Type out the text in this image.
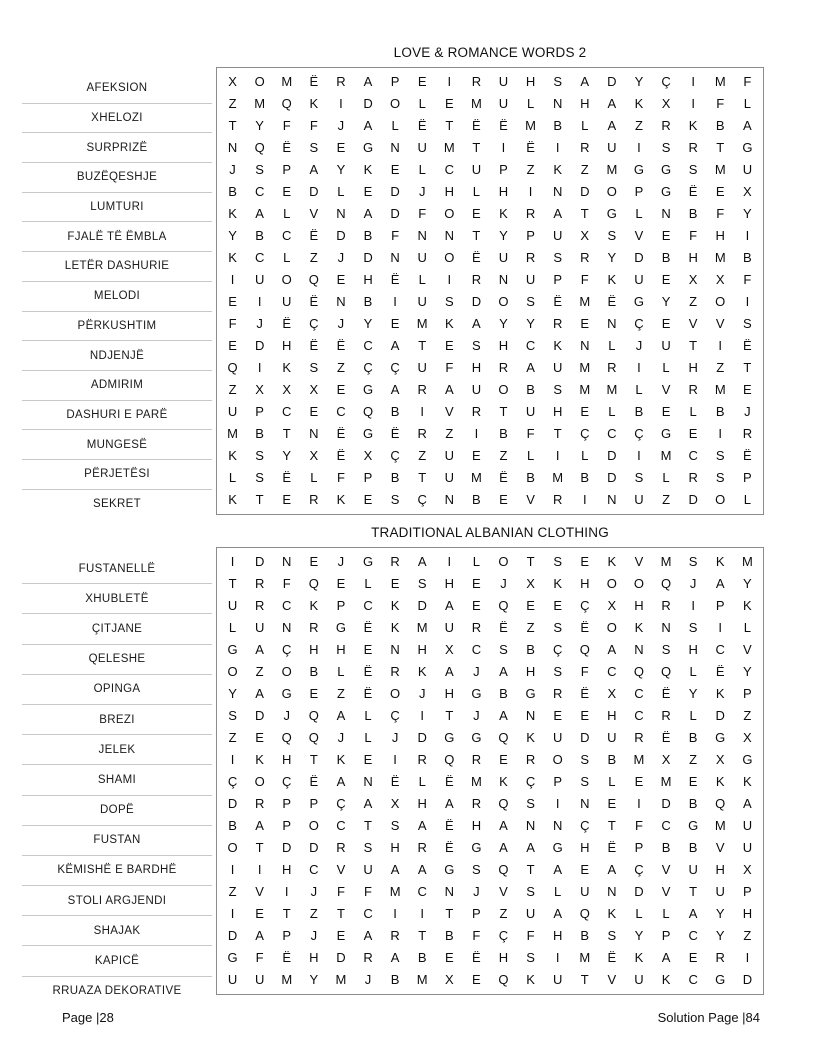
AFEKSION
XHELOZI
SURPRIZË
BUZËQESHJE
LUMTURI
FJALË TË ËMBLA
LETËR DASHURIE
MELODI
PËRKUSHTIM
NDJENJË
ADMIRIM
DASHURI E PARË
MUNGESË
PËRJETËSI
SEKRET
LOVE & ROMANCE WORDS 2
X	O	M	Ë	R	A	P	E	I	R	U	H	S	A	D	Y	Ç	I	M	F
Z	M	Q	K	I	D	O	L	E	M	U	L	N	H	A	K	X	I	F	L
T	Y	F	F	J	A	L	Ë	T	Ë	Ë	M	B	L	A	Z	R	K	B	A
N	Q	Ë	S	E	G	N	U	M	T	I	Ë	I	R	U	I	S	R	T	G
J	S	P	A	Y	K	E	L	C	U	P	Z	K	Z	M	G	G	S	M	U
B	C	E	D	L	E	D	J	H	L	H	I	N	D	O	P	G	Ë	E	X
K	A	L	V	N	A	D	F	O	E	K	R	A	T	G	L	N	B	F	Y
Y	B	C	Ë	D	B	F	N	N	T	Y	P	U	X	S	V	E	F	H	I
K	C	L	Z	J	D	N	U	O	Ë	U	R	S	R	Y	D	B	H	M	B
I	U	O	Q	E	H	Ë	L	I	R	N	U	P	F	K	U	E	X	X	F
E	I	U	Ë	N	B	I	U	S	D	O	S	Ë	M	Ë	G	Y	Z	O	I
F	J	Ë	Ç	J	Y	E	M	K	A	Y	Y	R	E	N	Ç	E	V	V	S
E	D	H	Ë	Ë	C	A	T	E	S	H	C	K	N	L	J	U	T	I	Ë
Q	I	K	S	Z	Ç	Ç	U	F	H	R	A	U	M	R	I	L	H	Z	T
Z	X	X	X	E	G	A	R	A	U	O	B	S	M	M	L	V	R	M	E
U	P	C	E	C	Q	B	I	V	R	T	U	H	E	L	B	E	L	B	J
M	B	T	N	Ë	G	Ë	R	Z	I	B	F	T	Ç	C	Ç	G	E	I	R
K	S	Y	X	Ë	X	Ç	Z	U	E	Z	L	I	L	D	I	M	C	S	Ë
L	S	Ë	L	F	P	B	T	U	M	Ë	B	M	B	D	S	L	R	S	P
K	T	E	R	K	E	S	Ç	N	B	E	V	R	I	N	U	Z	D	O	L
FUSTANELLË
XHUBLETË
ÇITJANE
QELESHE
OPINGA
BREZI
JELEK
SHAMI
DOPË
FUSTAN
KËMISHË E BARDHË
STOLI ARGJENDI
SHAJAK
KAPICË
RRUAZA DEKORATIVE
TRADITIONAL ALBANIAN CLOTHING
I	D	N	E	J	G	R	A	I	L	O	T	S	E	K	V	M	S	K	M
T	R	F	Q	E	L	E	S	H	E	J	X	K	H	O	O	Q	J	A	Y
U	R	C	K	P	C	K	D	A	E	Q	E	E	Ç	X	H	R	I	P	K
L	U	N	R	G	Ë	K	M	U	R	Ë	Z	S	Ë	O	K	N	S	I	L
G	A	Ç	H	H	E	N	H	X	C	S	B	Ç	Q	A	N	S	H	C	V
O	Z	O	B	L	Ë	R	K	A	J	A	H	S	F	C	Q	Q	L	Ë	Y
Y	A	G	E	Z	Ë	O	J	H	G	B	G	R	Ë	X	C	Ë	Y	K	P
S	D	J	Q	A	L	Ç	I	T	J	A	N	E	E	H	C	R	L	D	Z
Z	E	Q	Q	J	L	J	D	G	G	Q	K	U	D	U	R	Ë	B	G	X
I	K	H	T	K	E	I	R	Q	R	E	R	O	S	B	M	X	Z	X	G
Ç	O	Ç	Ë	A	N	Ë	L	Ë	M	K	Ç	P	S	L	E	M	E	K	K
D	R	P	P	Ç	A	X	H	A	R	Q	S	I	N	E	I	D	B	Q	A
B	A	P	O	C	T	S	A	Ë	H	A	N	N	Ç	T	F	C	G	M	U
O	T	D	D	R	S	H	R	Ë	G	A	A	G	H	Ë	P	B	B	V	U
I	I	H	C	V	U	A	A	G	S	Q	T	A	E	A	Ç	V	U	H	X
Z	V	I	J	F	F	M	C	N	J	V	S	L	U	N	D	V	T	U	P
I	E	T	Z	T	C	I	I	T	P	Z	U	A	Q	K	L	L	A	Y	H
D	A	P	J	E	A	R	T	B	F	Ç	F	H	B	S	Y	P	C	Y	Z
G	F	Ë	H	D	R	A	B	E	Ë	H	S	I	M	Ë	K	A	E	R	I
U	U	M	Y	M	J	B	M	X	E	Q	K	U	T	V	U	K	C	G	D
Page |28	Solution Page |84
